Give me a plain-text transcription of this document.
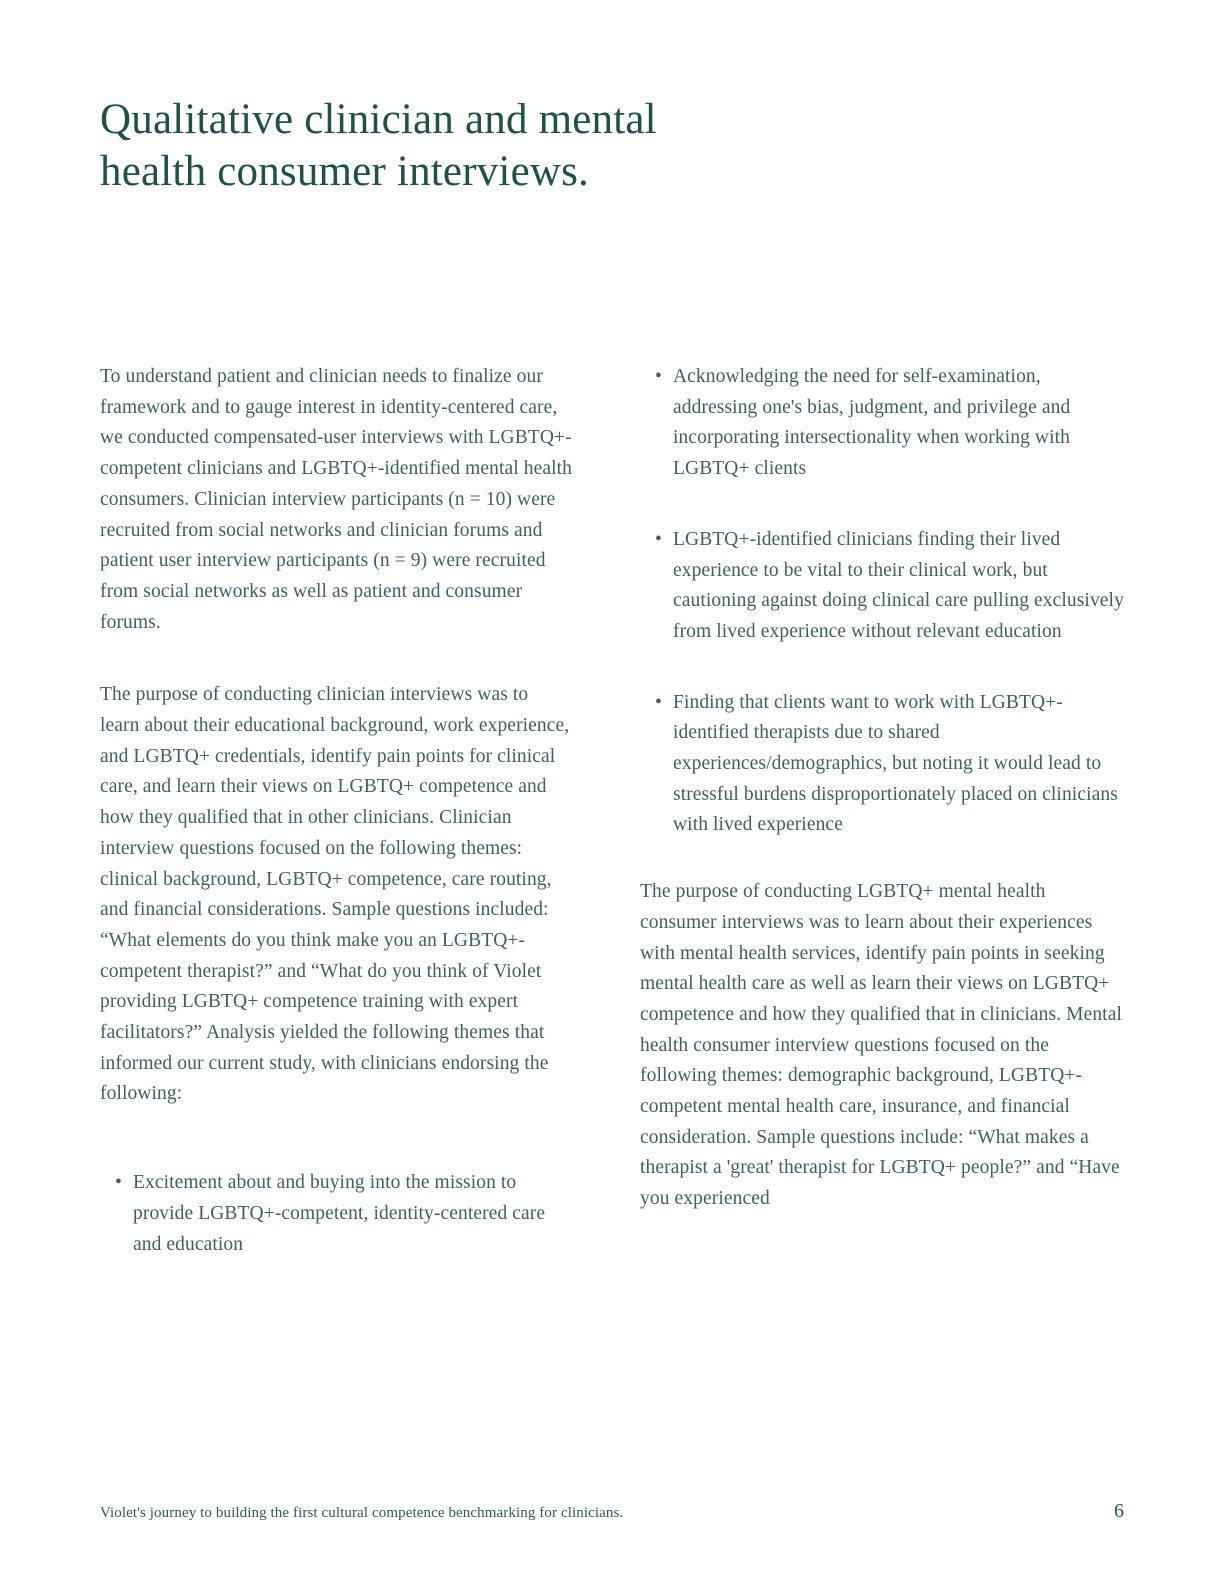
Qualitative clinician and mental
health consumer interviews.

To understand patient and clinician needs to finalize our framework and to gauge interest in identity-centered care, we conducted compensated-user interviews with LGBTQ+-competent clinicians and LGBTQ+-identified mental health consumers. Clinician interview participants (n = 10) were recruited from social networks and clinician forums and patient user interview participants (n = 9) were recruited from social networks as well as patient and consumer forums.

The purpose of conducting clinician interviews was to learn about their educational background, work experience, and LGBTQ+ credentials, identify pain points for clinical care, and learn their views on LGBTQ+ competence and how they qualified that in other clinicians. Clinician interview questions focused on the following themes: clinical background, LGBTQ+ competence, care routing, and financial considerations. Sample questions included: “What elements do you think make you an LGBTQ+-competent therapist?” and “What do you think of Violet providing LGBTQ+ competence training with expert facilitators?” Analysis yielded the following themes that informed our current study, with clinicians endorsing the following:

• Excitement about and buying into the mission to provide LGBTQ+-competent, identity-centered care and education
• Acknowledging the need for self-examination, addressing one's bias, judgment, and privilege and incorporating intersectionality when working with LGBTQ+ clients
• LGBTQ+-identified clinicians finding their lived experience to be vital to their clinical work, but cautioning against doing clinical care pulling exclusively from lived experience without relevant education
• Finding that clients want to work with LGBTQ+-identified therapists due to shared experiences/demographics, but noting it would lead to stressful burdens disproportionately placed on clinicians with lived experience

The purpose of conducting LGBTQ+ mental health consumer interviews was to learn about their experiences with mental health services, identify pain points in seeking mental health care as well as learn their views on LGBTQ+ competence and how they qualified that in clinicians. Mental health consumer interview questions focused on the following themes: demographic background, LGBTQ+-competent mental health care, insurance, and financial consideration. Sample questions include: “What makes a therapist a 'great' therapist for LGBTQ+ people?” and “Have you experienced

Violet's journey to building the first cultural competence benchmarking for clinicians.	6
